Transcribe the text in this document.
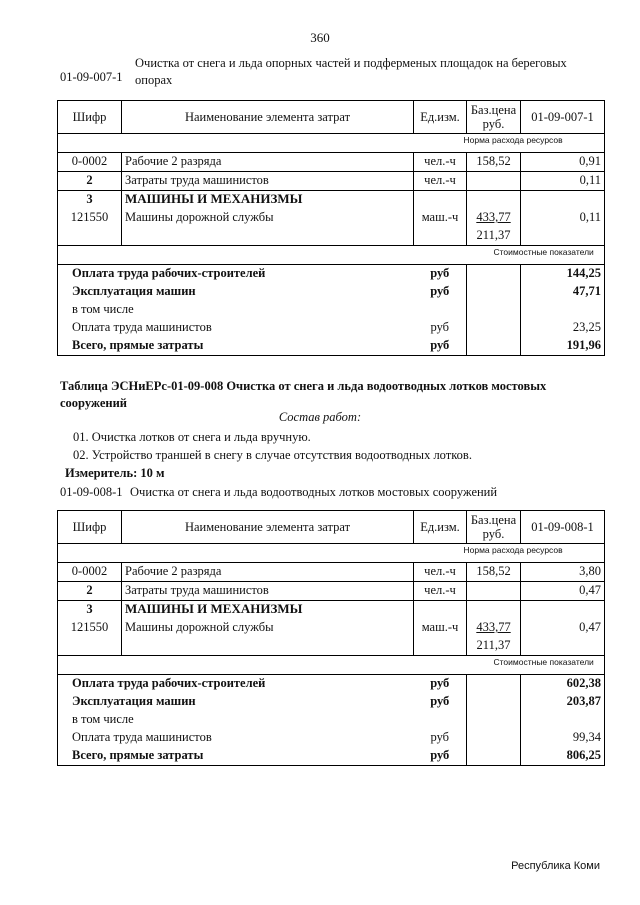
360
01-09-007-1
Очистка от снега и льда опорных частей и подферменых площадок на береговых опорах
Шифр	Наименование элемента затрат	Ед.изм.	Баз.цена руб.	01-09-007-1
				Норма расхода ресурсов
0-0002	Рабочие 2 разряда	чел.-ч	158,52	0,91
2	Затраты труда машинистов	чел.-ч		0,11
3	МАШИНЫ И МЕХАНИЗМЫ			
121550	Машины дорожной службы	маш.-ч	433,77	0,11
			211,37	
				Стоимостные показатели
Оплата труда рабочих-строителей		руб		144,25
Эксплуатация машин		руб		47,71
в том числе				
Оплата труда машинистов		руб		23,25
Всего, прямые затраты		руб		191,96
Таблица ЭСНиЕРс-01-09-008 Очистка от снега и льда водоотводных лотков мостовых сооружений
Состав работ:
01. Очистка лотков от снега и льда вручную.
02. Устройство траншей в снегу в случае отсутствия водоотводных лотков.
Измеритель: 10 м
01-09-008-1 Очистка от снега и льда водоотводных лотков мостовых сооружений
Шифр	Наименование элемента затрат	Ед.изм.	Баз.цена руб.	01-09-008-1
				Норма расхода ресурсов
0-0002	Рабочие 2 разряда	чел.-ч	158,52	3,80
2	Затраты труда машинистов	чел.-ч		0,47
3	МАШИНЫ И МЕХАНИЗМЫ			
121550	Машины дорожной службы	маш.-ч	433,77	0,47
			211,37	
				Стоимостные показатели
Оплата труда рабочих-строителей		руб		602,38
Эксплуатация машин		руб		203,87
в том числе				
Оплата труда машинистов		руб		99,34
Всего, прямые затраты		руб		806,25
Республика Коми
